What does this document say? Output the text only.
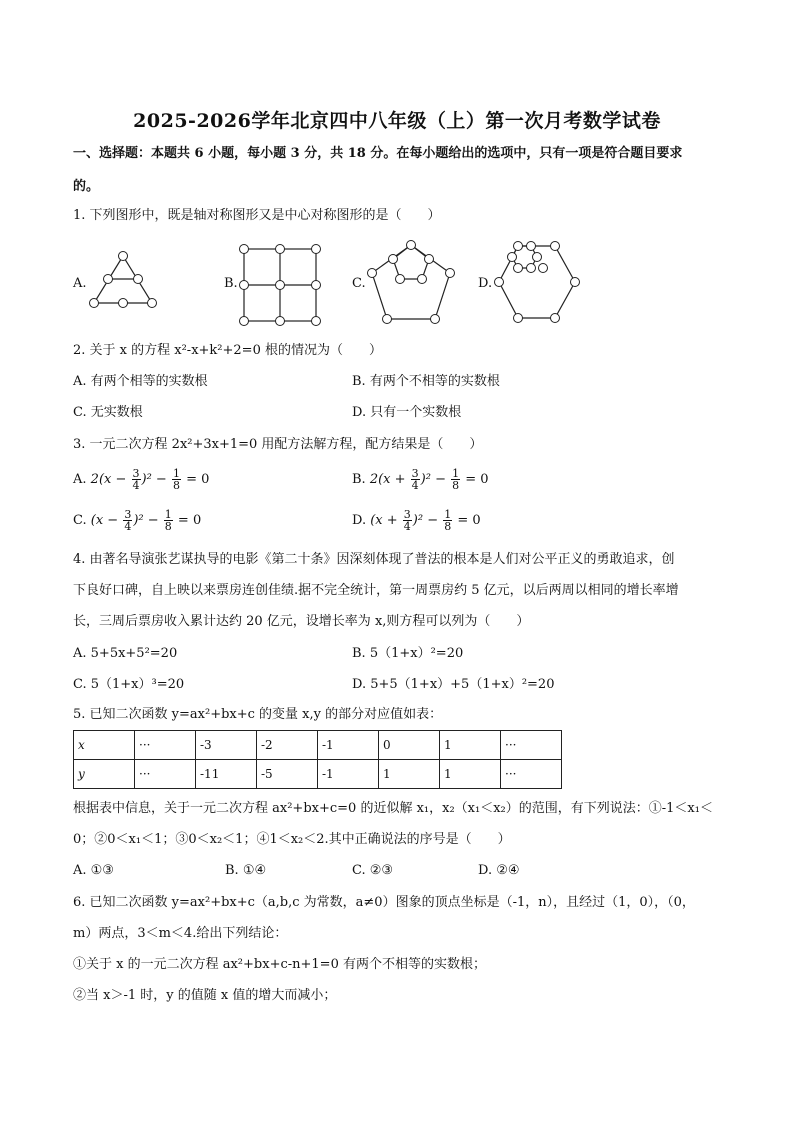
2025-2026学年北京四中八年级（上）第一次月考数学试卷
一、选择题：本题共 6 小题，每小题 3 分，共 18 分。在每小题给出的选项中，只有一项是符合题目要求
的。
1. 下列图形中，既是轴对称图形又是中心对称图形的是（　　）
A.	B.	C.	D.
2. 关于 x 的方程 x²-x+k²+2=0 根的情况为（　　）
A. 有两个相等的实数根	B. 有两个不相等的实数根
C. 无实数根	D. 只有一个实数根
3. 一元二次方程 2x²+3x+1=0 用配方法解方程，配方结果是（　　）
A. $2(x - \frac{3}{4} )^2 - \frac{1}{8} = 0$	B. $2(x + \frac{3}{4} )^2 - \frac{1}{8} = 0$
C. $(x - \frac{3}{4} )^2 - \frac{1}{8} = 0$	D. $(x + \frac{3}{4} )^2 - \frac{1}{8} = 0$
4. 由著名导演张艺谋执导的电影《第二十条》因深刻体现了普法的根本是人们对公平正义的勇敢追求，创
下良好口碑，自上映以来票房连创佳绩.据不完全统计，第一周票房约 5 亿元，以后两周以相同的增长率增
长，三周后票房收入累计达约 20 亿元，设增长率为 x,则方程可以列为（　　）
A. 5+5x+5²=20	B. 5（1+x）²=20
C. 5（1+x）³=20	D. 5+5（1+x）+5（1+x）²=20
5. 已知二次函数 y=ax²+bx+c 的变量 x,y 的部分对应值如表：
x	···	-3	-2	-1	0	1	···
y	···	-11	-5	-1	1	1	···
根据表中信息，关于一元二次方程 ax²+bx+c=0 的近似解 x₁，x₂（x₁＜x₂）的范围，有下列说法：①-1＜x₁＜
0；②0＜x₁＜1；③0＜x₂＜1；④1＜x₂＜2.其中正确说法的序号是（　　）
A. ①③	B. ①④	C. ②③	D. ②④
6. 已知二次函数 y=ax²+bx+c（a,b,c 为常数，a≠0）图象的顶点坐标是（-1，n），且经过（1，0），（0，
m）两点，3＜m＜4.给出下列结论：
①关于 x 的一元二次方程 ax²+bx+c-n+1=0 有两个不相等的实数根；
②当 x＞-1 时，y 的值随 x 值的增大而减小；
